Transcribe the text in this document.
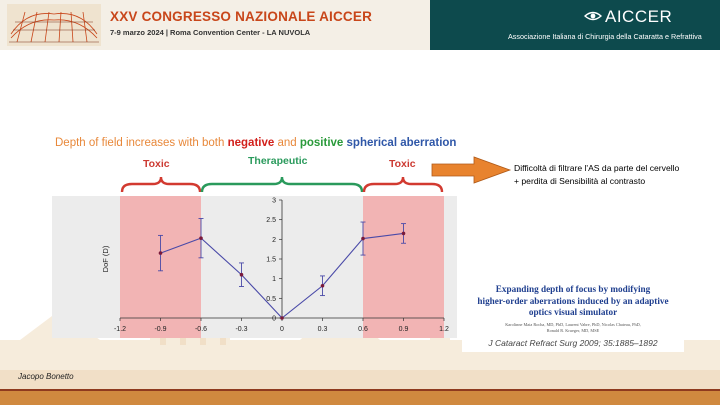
XXV CONGRESSO NAZIONALE AICCER
7-9 marzo 2024 | Roma Convention Center - LA NUVOLA
AICCER
Associazione Italiana di Chirurgia della Cataratta e Refrattiva
Depth of field increases with both negative and positive spherical aberration
Toxic	Therapeutic	Toxic
-1.2	-0.9	-0.6	-0.3	0	0.3	0.6	0.9	1.2
0
0.5
1
1.5
2
2.5
3
DoF (D)
Difficoltà di filtrare l'AS da parte del cervello
+ perdita di Sensibilità al contrasto
Expanding depth of focus by modifying
higher-order aberrations induced by an adaptive
optics visual simulator
Karolinne Maia Rocha, MD, PhD, Laurent Vabre, PhD, Nicolas Chateau, PhD,
Ronald R. Krueger, MD, MSE
J Cataract Refract Surg 2009; 35:1885–1892
Jacopo Bonetto
